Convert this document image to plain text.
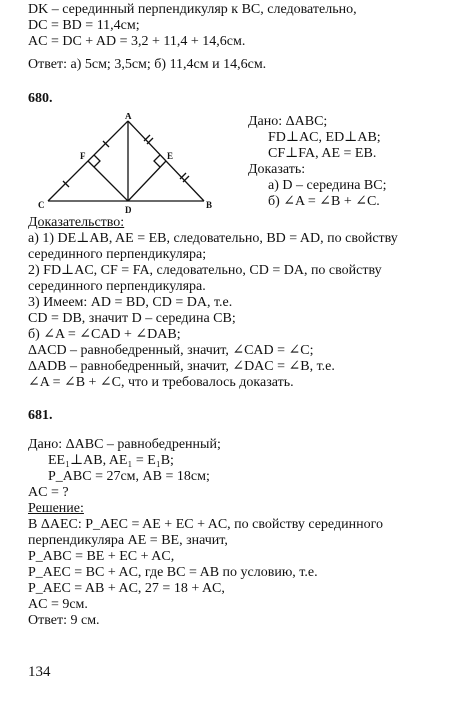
DK – серединный перпендикуляр к BC, следовательно,
DC = BD = 11,4см;
AC = DC + AD = 3,2 + 11,4 + 14,6см.
Ответ: а) 5см; 3,5см; б) 11,4см и 14,6см.
680.
A
B
C	D
E
F
Дано: ΔABC;
FD⊥AC, ED⊥AB;
CF⊥FA, AE = EB.
Доказать:
а) D – середина BC;
б) ∠A = ∠B + ∠C.
Доказательство:
а) 1) DE⊥AB, AE = EB, следовательно, BD = AD, по свойству
серединного перпендикуляра;
2) FD⊥AC, CF = FA, следовательно, CD = DA, по свойству
серединного перпендикуляра.
3) Имеем: AD = BD, CD = DA, т.е.
CD = DB, значит D – середина CB;
б) ∠A = ∠CAD + ∠DAB;
ΔACD – равнобедренный, значит, ∠CAD = ∠C;
ΔADB – равнобедренный, значит, ∠DAC = ∠B, т.е.
∠A = ∠B + ∠C, что и требовалось доказать.
681.
Дано: ΔABC – равнобедренный;
EE₁⊥AB, AE₁ = E₁B;
P_ABC = 27см, AB = 18см;
AC = ?
Решение:
В ΔAEC: P_AEC = AE + EC + AC, по свойству серединного
перпендикуляра AE = BE, значит,
P_ABC = BE + EC + AC,
P_AEC = BC + AC, где BC = AB по условию, т.е.
P_AEC = AB + AC, 27 = 18 + AC,
AC = 9см.
Ответ: 9 см.
134
